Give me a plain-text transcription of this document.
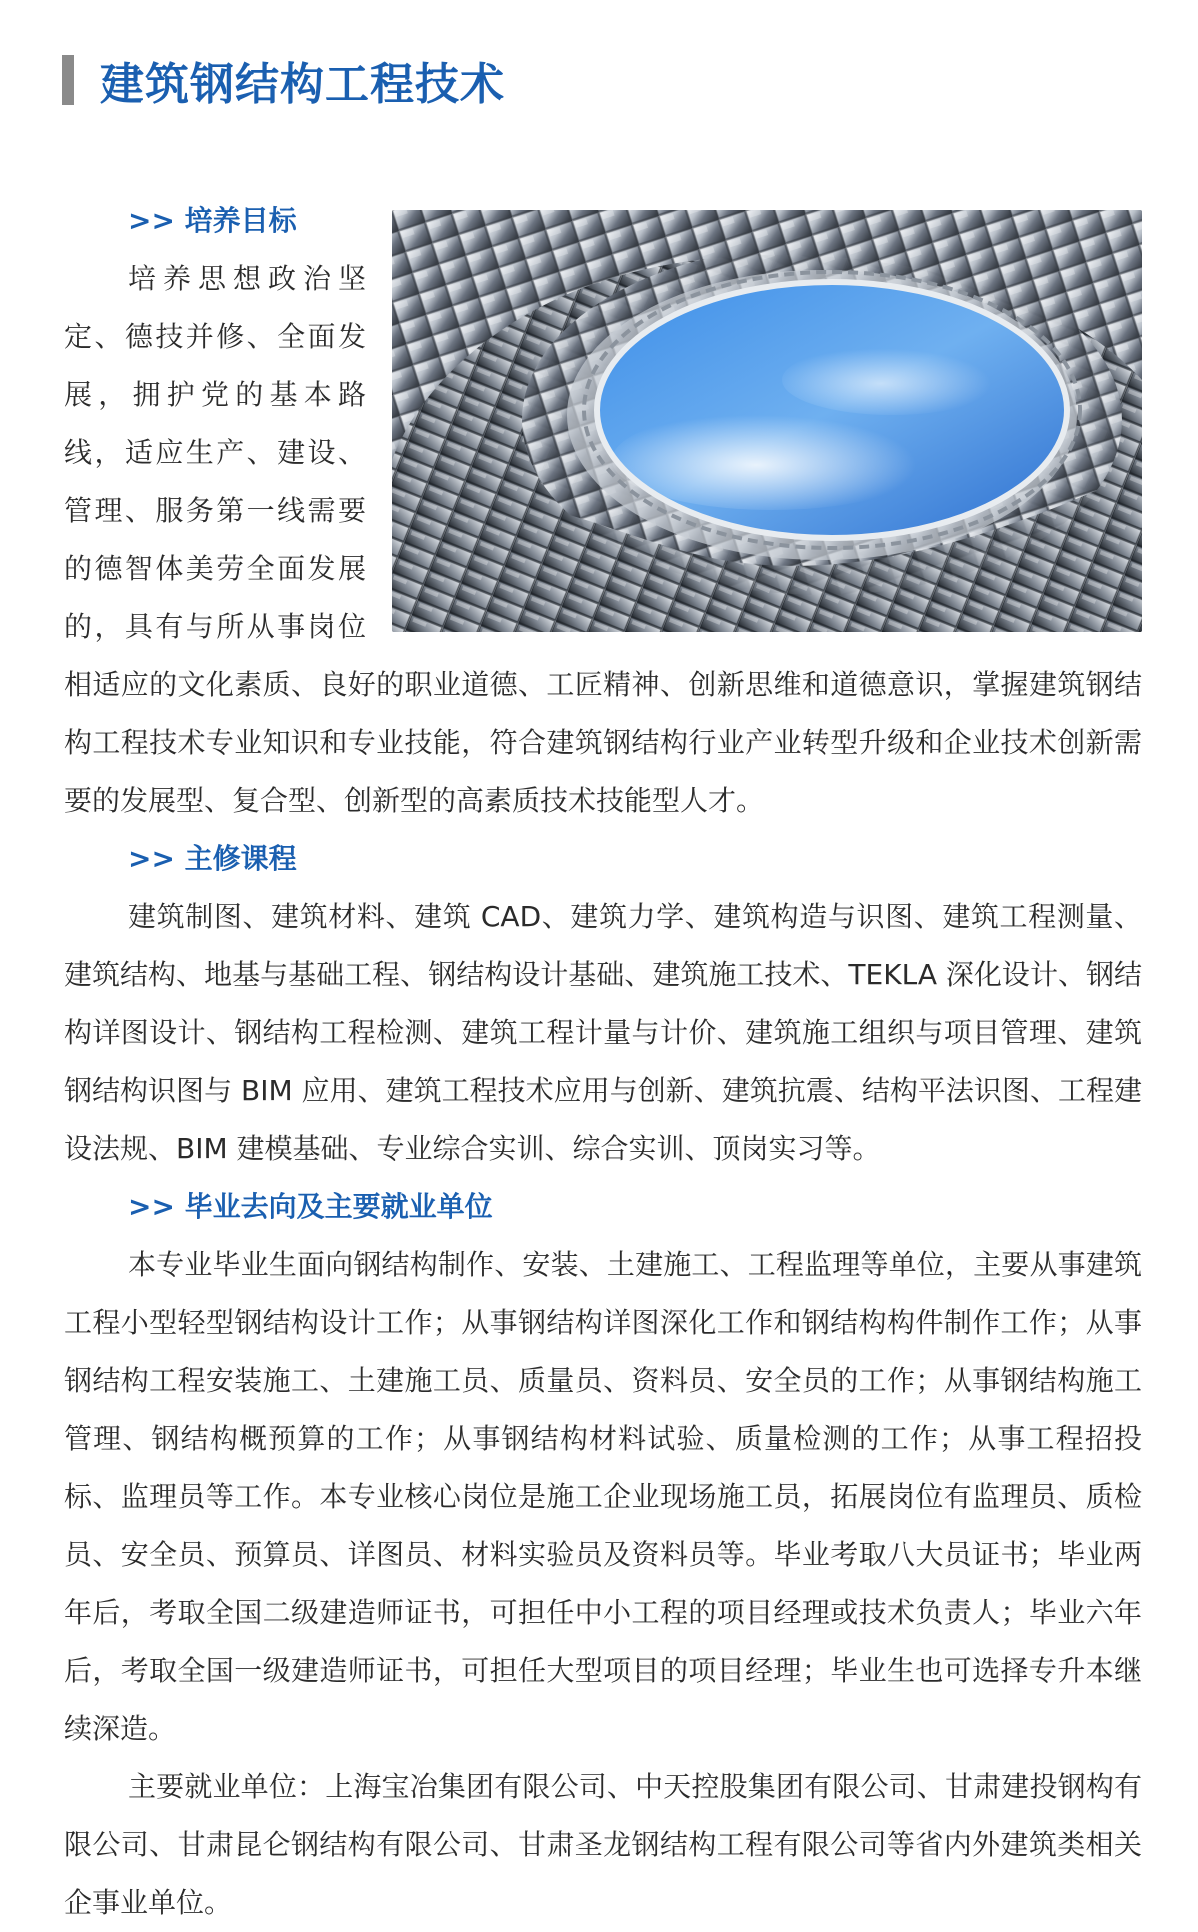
建筑钢结构工程技术
>> 培养目标

培养思想政治坚定、德技并修、全面发展，拥护党的基本路线，适应生产、建设、管理、服务第一线需要的德智体美劳全面发展的，具有与所从事岗位相适应的文化素质、良好的职业道德、工匠精神、创新思维和道德意识，掌握建筑钢结构工程技术专业知识和专业技能，符合建筑钢结构行业产业转型升级和企业技术创新需要的发展型、复合型、创新型的高素质技术技能型人才。

>> 主修课程

建筑制图、建筑材料、建筑 CAD、建筑力学、建筑构造与识图、建筑工程测量、建筑结构、地基与基础工程、钢结构设计基础、建筑施工技术、TEKLA 深化设计、钢结构详图设计、钢结构工程检测、建筑工程计量与计价、建筑施工组织与项目管理、建筑钢结构识图与 BIM 应用、建筑工程技术应用与创新、建筑抗震、结构平法识图、工程建设法规、BIM 建模基础、专业综合实训、综合实训、顶岗实习等。

>> 毕业去向及主要就业单位

本专业毕业生面向钢结构制作、安装、土建施工、工程监理等单位，主要从事建筑工程小型轻型钢结构设计工作；从事钢结构详图深化工作和钢结构构件制作工作；从事钢结构工程安装施工、土建施工员、质量员、资料员、安全员的工作；从事钢结构施工管理、钢结构概预算的工作；从事钢结构材料试验、质量检测的工作；从事工程招投标、监理员等工作。本专业核心岗位是施工企业现场施工员，拓展岗位有监理员、质检员、安全员、预算员、详图员、材料实验员及资料员等。毕业考取八大员证书；毕业两年后，考取全国二级建造师证书，可担任中小工程的项目经理或技术负责人；毕业六年后，考取全国一级建造师证书，可担任大型项目的项目经理；毕业生也可选择专升本继续深造。

主要就业单位：上海宝冶集团有限公司、中天控股集团有限公司、甘肃建投钢构有限公司、甘肃昆仑钢结构有限公司、甘肃圣龙钢结构工程有限公司等省内外建筑类相关企事业单位。
